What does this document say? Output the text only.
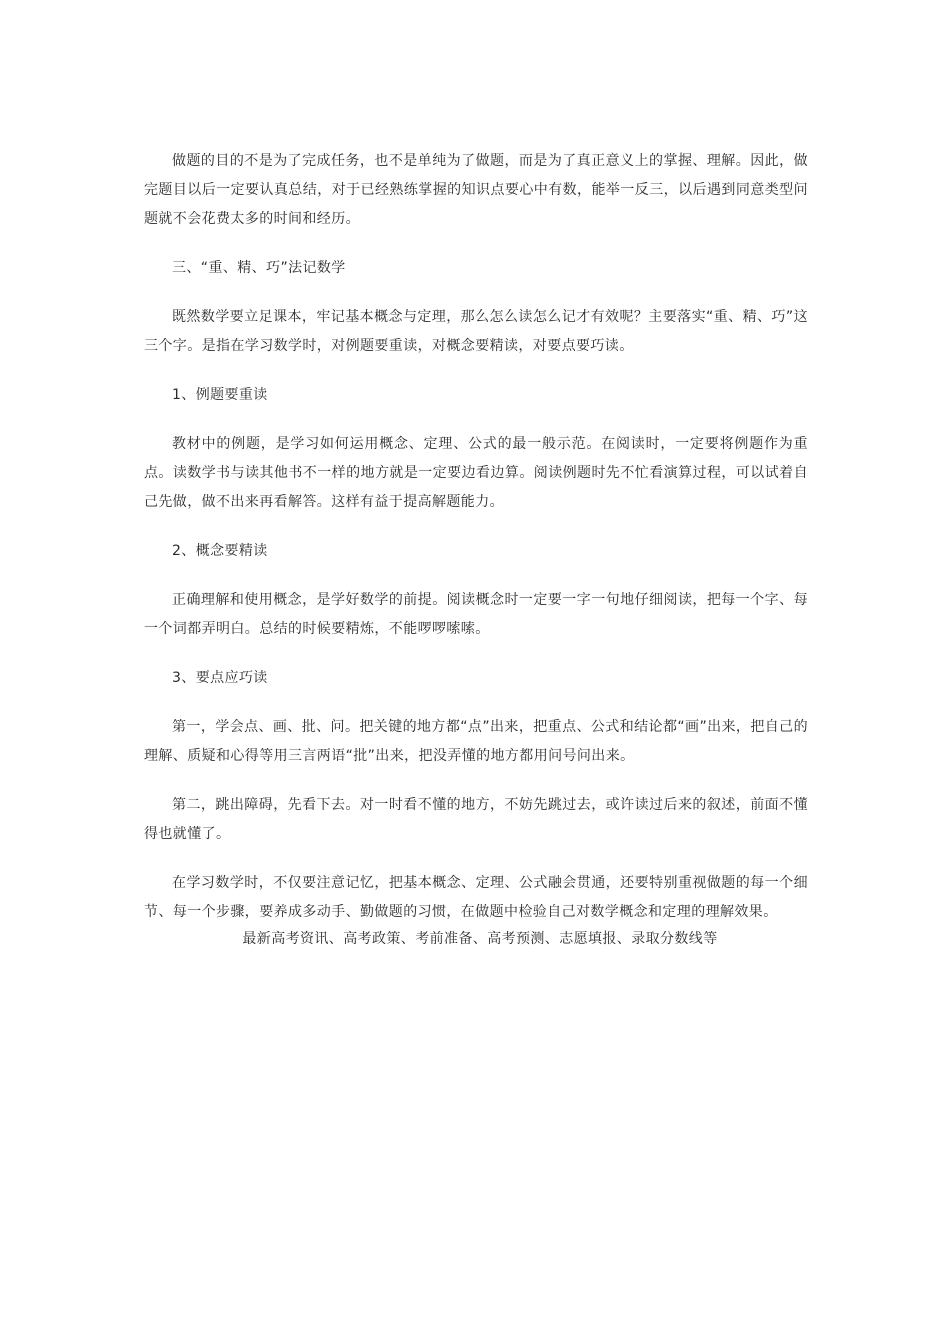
做题的目的不是为了完成任务，也不是单纯为了做题，而是为了真正意义上的掌握、理解。因此，做完题目以后一定要认真总结，对于已经熟练掌握的知识点要心中有数，能举一反三，以后遇到同意类型问题就不会花费太多的时间和经历。

三、“重、精、巧”法记数学

既然数学要立足课本，牢记基本概念与定理，那么怎么读怎么记才有效呢？主要落实“重、精、巧”这三个字。是指在学习数学时，对例题要重读，对概念要精读，对要点要巧读。

1、例题要重读

教材中的例题，是学习如何运用概念、定理、公式的最一般示范。在阅读时，一定要将例题作为重点。读数学书与读其他书不一样的地方就是一定要边看边算。阅读例题时先不忙看演算过程，可以试着自己先做，做不出来再看解答。这样有益于提高解题能力。

2、概念要精读

正确理解和使用概念，是学好数学的前提。阅读概念时一定要一字一句地仔细阅读，把每一个字、每一个词都弄明白。总结的时候要精炼，不能啰啰嗦嗦。

3、要点应巧读

第一，学会点、画、批、问。把关键的地方都“点”出来，把重点、公式和结论都“画”出来，把自己的理解、质疑和心得等用三言两语“批”出来，把没弄懂的地方都用问号问出来。

第二，跳出障碍，先看下去。对一时看不懂的地方，不妨先跳过去，或许读过后来的叙述，前面不懂得也就懂了。

在学习数学时，不仅要注意记忆，把基本概念、定理、公式融会贯通，还要特别重视做题的每一个细节、每一个步骤，要养成多动手、勤做题的习惯，在做题中检验自己对数学概念和定理的理解效果。

最新高考资讯、高考政策、考前准备、高考预测、志愿填报、录取分数线等
